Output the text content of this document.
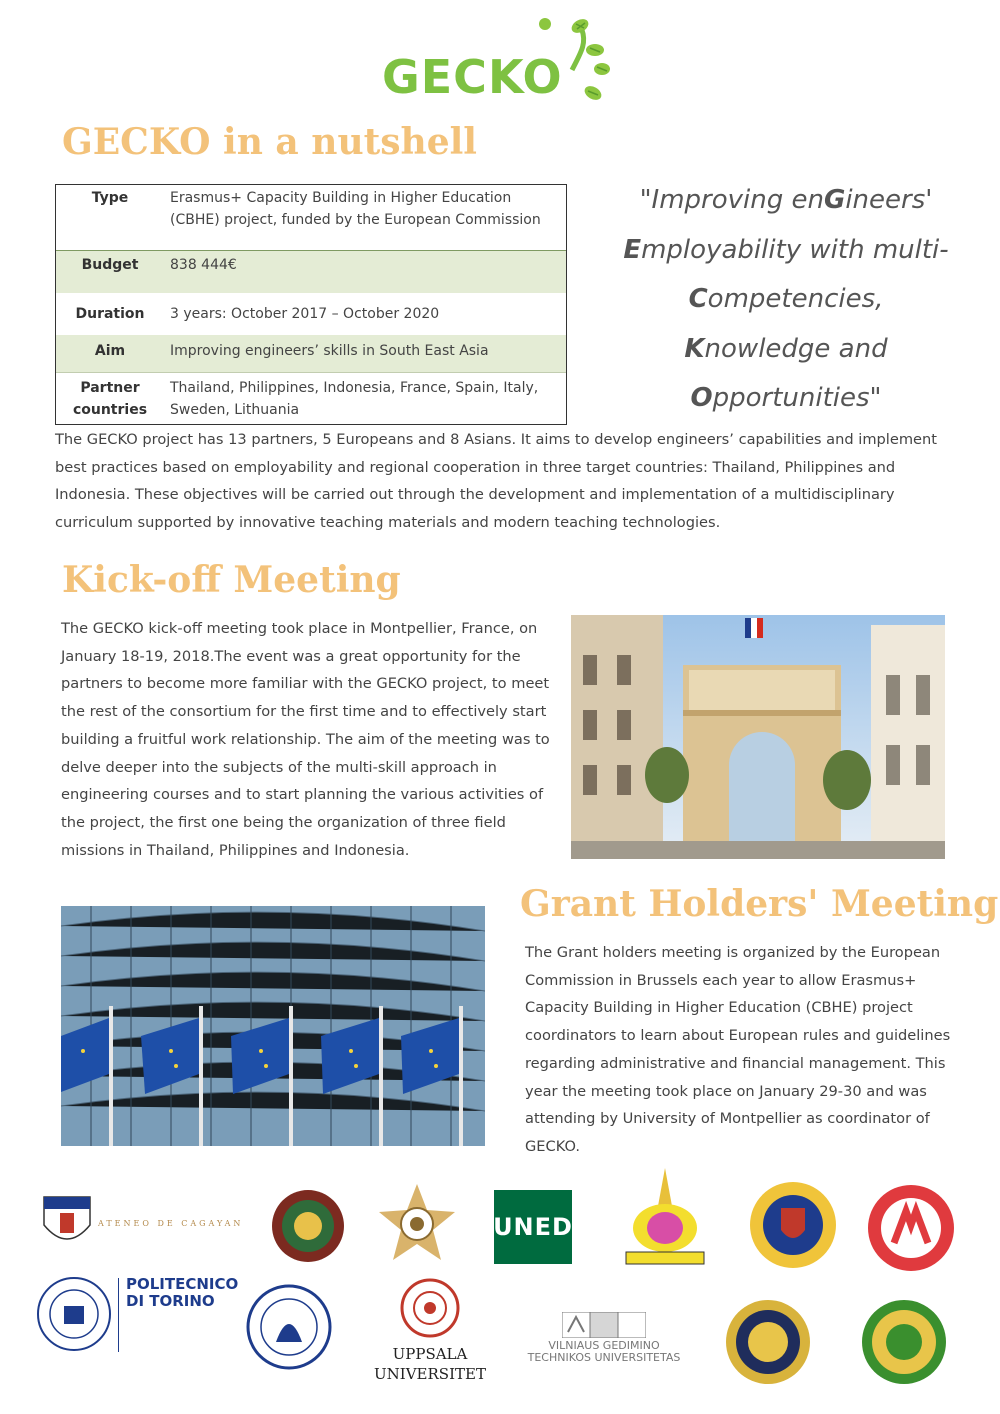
GECKO
GECKO in a nutshell
Type	Erasmus+ Capacity Building in Higher Education (CBHE) project, funded by the European Commission
Budget	838 444€
Duration	3 years: October 2017 – October 2020
Aim	Improving engineers’ skills in South East Asia
Partner countries	Thailand, Philippines, Indonesia, France, Spain, Italy, Sweden, Lithuania
"Improving enGineers'
Employability with multi-
Competencies,
Knowledge and
Opportunities"
The GECKO project has 13 partners, 5 Europeans and 8 Asians. It aims to develop engineers’ capabilities and implement best practices based on employability and regional cooperation in three target countries: Thailand, Philippines and Indonesia. These objectives will be carried out through the development and implementation of a multidisciplinary curriculum supported by innovative teaching materials and modern teaching technologies.
Kick-off Meeting
The GECKO kick-off meeting took place in Montpellier, France, on January 18-19, 2018.The event was a great opportunity for the partners to become more familiar with the GECKO project, to meet the rest of the consortium for the first time and to effectively start building a fruitful work relationship. The aim of the meeting was to delve deeper into the subjects of the multi-skill approach in engineering courses and to start planning the various activities of the project, the first one being the organization of three field missions in Thailand, Philippines and Indonesia.
Grant Holders' Meeting
The Grant holders meeting is organized by the European Commission in Brussels each year to allow Erasmus+ Capacity Building in Higher Education (CBHE) project coordinators to learn about European rules and guidelines regarding administrative and financial management. This year the meeting took place on January 29-30 and was attending by University of Montpellier as coordinator of GECKO.
ATENEO DE CAGAYAN	UNED
POLITECNICO
DI TORINO
UPPSALA
UNIVERSITET
VILNIAUS GEDIMINO
TECHNIKOS UNIVERSITETAS
